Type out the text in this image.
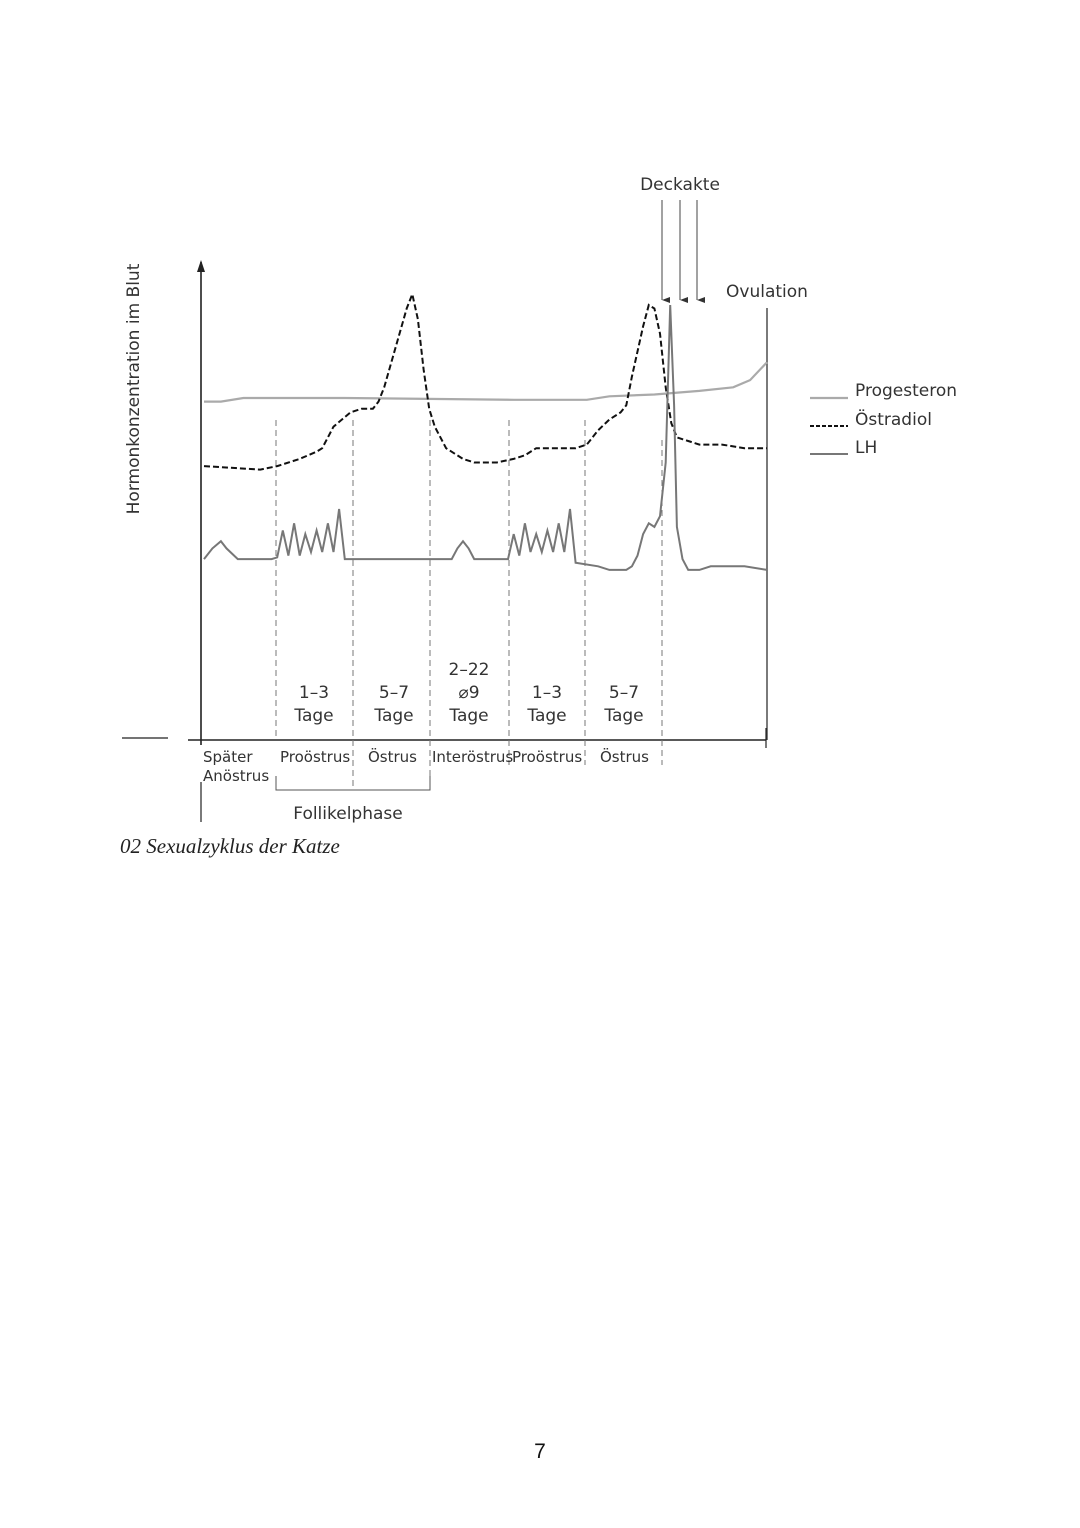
Hormonkonzentration im Blut	Ovulation
Deckakte
Progesteron
Östradiol
LH
1–3
Tage
5–7
Tage
2–22
⌀9
Tage
1–3
Tage
5–7
Tage
Später
Anöstrus
Proöstrus Östrus Interöstrus
Proöstrus Östrus
Follikelphase
02 Sexualzyklus der Katze
7
